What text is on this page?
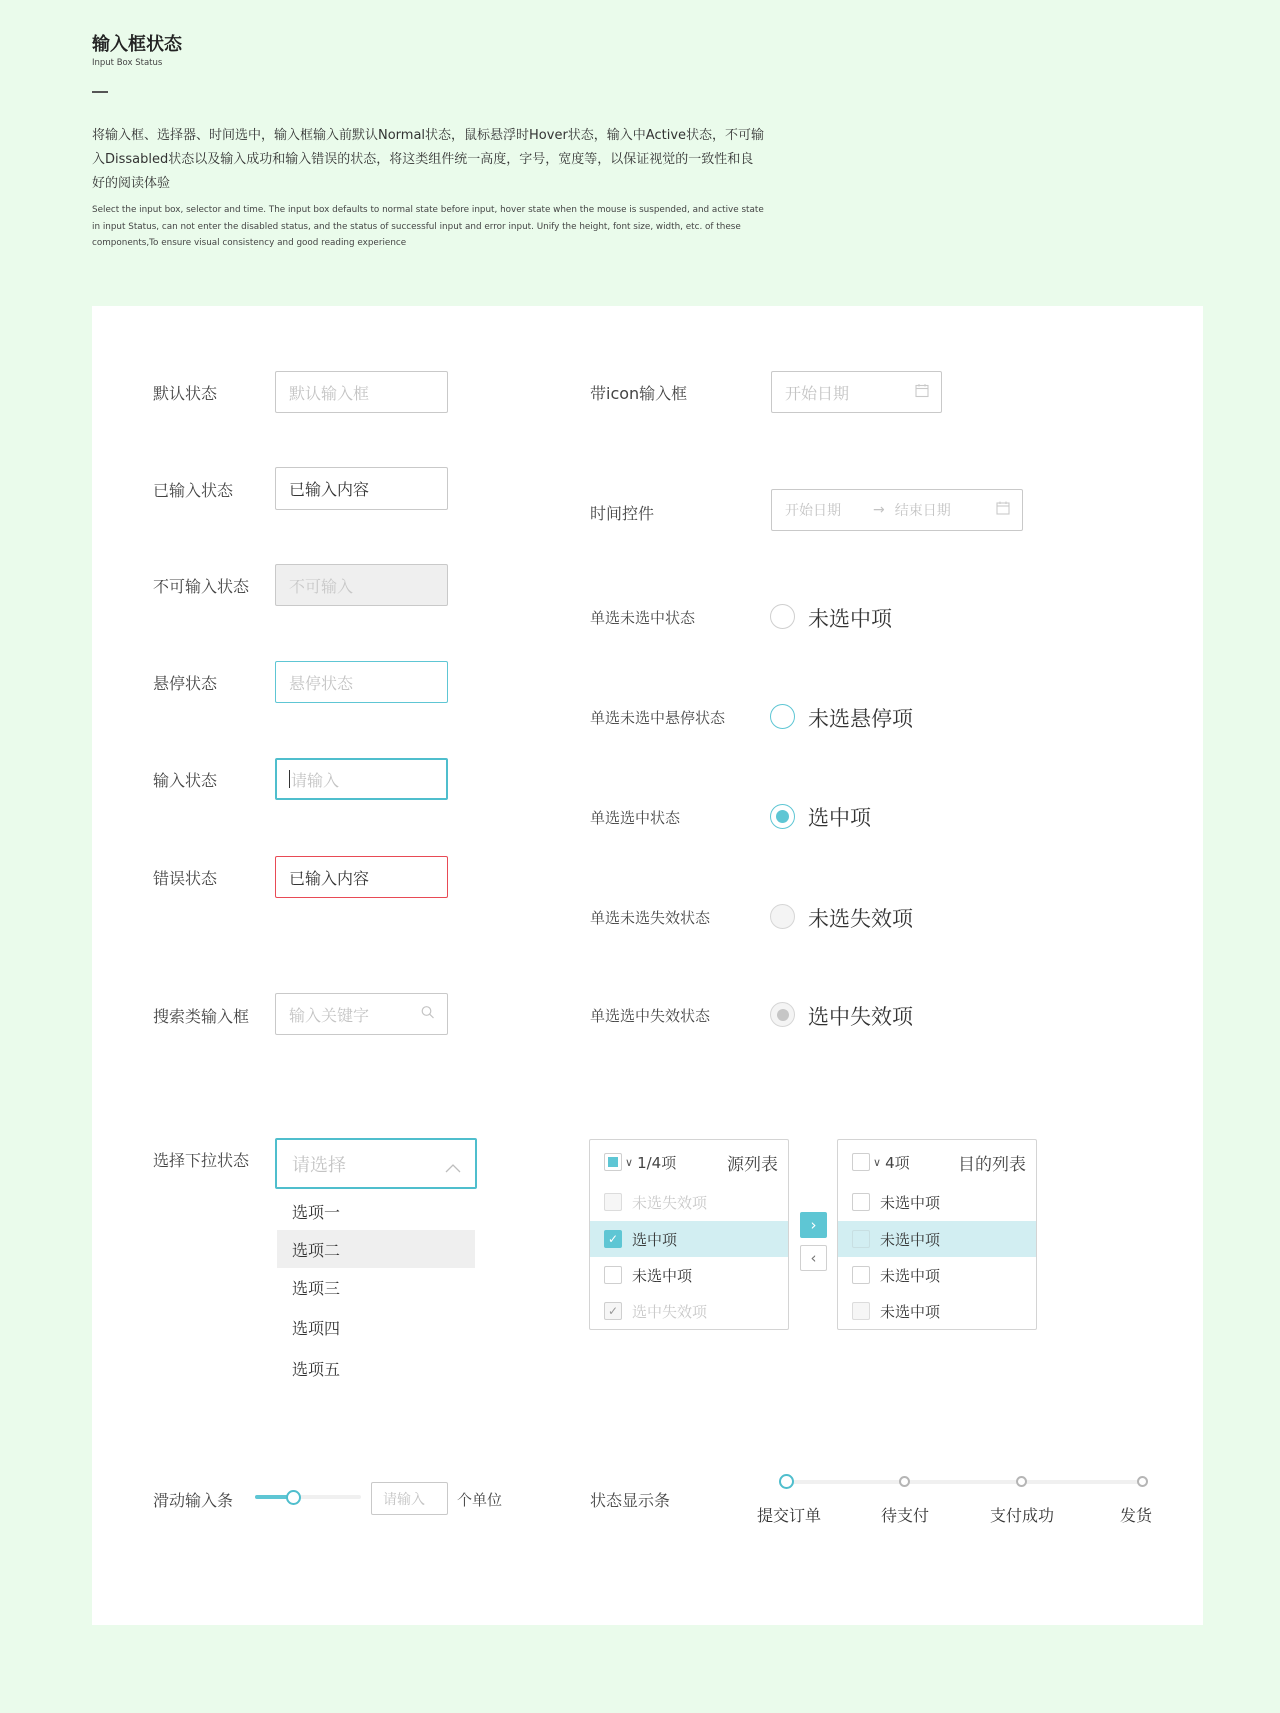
输入框状态
Input Box Status
将输入框、选择器、时间选中，输入框输入前默认Normal状态，鼠标悬浮时Hover状态，输入中Active状态，不可输入Dissabled状态以及输入成功和输入错误的状态，将这类组件统一高度，字号，宽度等，以保证视觉的一致性和良好的阅读体验
Select the input box, selector and time. The input box defaults to normal state before input, hover state when the mouse is suspended, and active state in input Status, can not enter the disabled status, and the status of successful input and error input. Unify the height, font size, width, etc. of these components,To ensure visual consistency and good reading experience
默认状态	默认输入框
已输入状态	已输入内容
不可输入状态 不可输入
悬停状态	悬停状态
输入状态	请输入
错误状态	已输入内容
搜索类输入框 输入关键字
选择下拉状态 请选择
选项一
选项二
选项三
选项四
选项五
滑动输入条	请输入 个单位
带icon输入框	开始日期
时间控件	开始日期 → 结束日期
单选未选中状态	未选中项
单选未选中悬停状态	未选悬停项
单选选中状态	选中项
单选未选失效状态	未选失效项
单选选中失效状态	选中失效项
∨ 1/4项	源列表
未选失效项
✓ 选中项
未选中项
✓ 选中失效项
›
‹
∨ 4项	目的列表
未选中项
未选中项
未选中项
未选中项
状态显示条
提交订单	待支付	支付成功	发货
